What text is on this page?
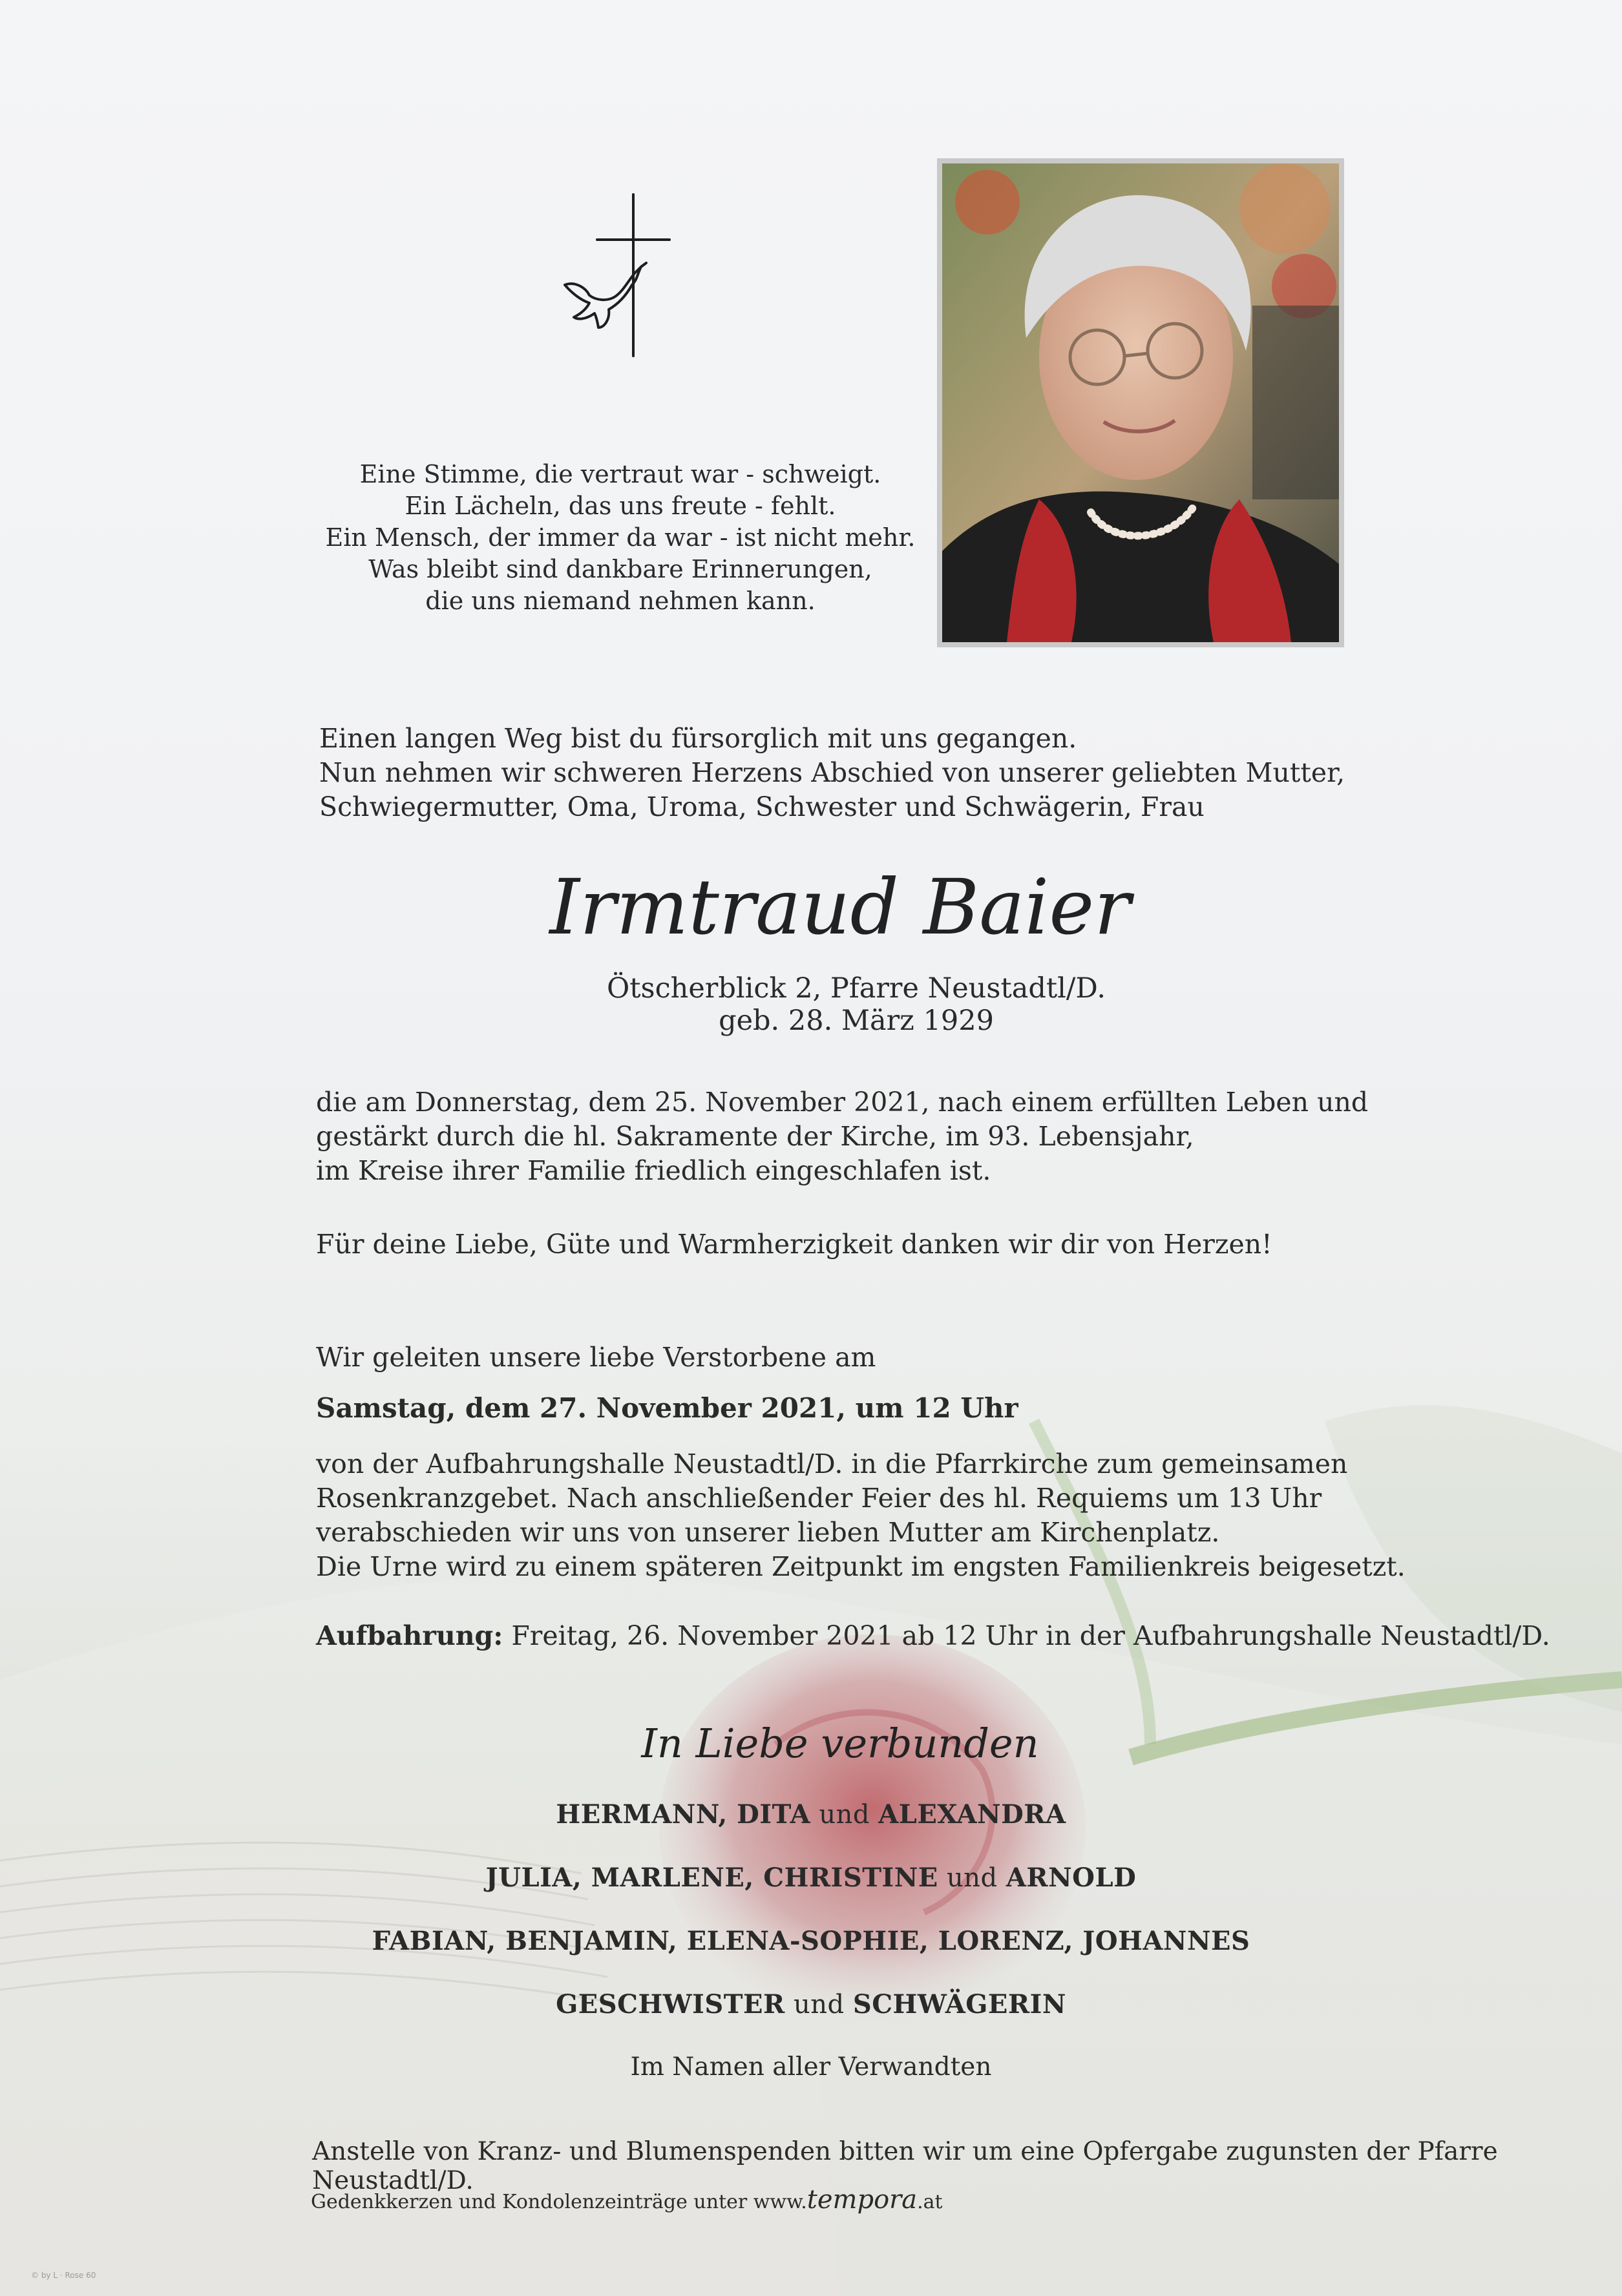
Eine Stimme, die vertraut war - schweigt.
Ein Lächeln, das uns freute - fehlt.
Ein Mensch, der immer da war - ist nicht mehr.
Was bleibt sind dankbare Erinnerungen,
die uns niemand nehmen kann.
Einen langen Weg bist du fürsorglich mit uns gegangen.
Nun nehmen wir schweren Herzens Abschied von unserer geliebten Mutter,
Schwiegermutter, Oma, Uroma, Schwester und Schwägerin, Frau
Irmtraud Baier
Ötscherblick 2, Pfarre Neustadtl/D.
geb. 28. März 1929
die am Donnerstag, dem 25. November 2021, nach einem erfüllten Leben und
gestärkt durch die hl. Sakramente der Kirche, im 93. Lebensjahr,
im Kreise ihrer Familie friedlich eingeschlafen ist.
Für deine Liebe, Güte und Warmherzigkeit danken wir dir von Herzen!
Wir geleiten unsere liebe Verstorbene am
Samstag, dem 27. November 2021, um 12 Uhr
von der Aufbahrungshalle Neustadtl/D. in die Pfarrkirche zum gemeinsamen
Rosenkranzgebet. Nach anschließender Feier des hl. Requiems um 13 Uhr
verabschieden wir uns von unserer lieben Mutter am Kirchenplatz.
Die Urne wird zu einem späteren Zeitpunkt im engsten Familienkreis beigesetzt.
Aufbahrung: Freitag, 26. November 2021 ab 12 Uhr in der Aufbahrungshalle Neustadtl/D.
In Liebe verbunden
HERMANN, DITA und ALEXANDRA
JULIA, MARLENE, CHRISTINE und ARNOLD
FABIAN, BENJAMIN, ELENA-SOPHIE, LORENZ, JOHANNES
GESCHWISTER und SCHWÄGERIN
Im Namen aller Verwandten
Anstelle von Kranz- und Blumenspenden bitten wir um eine Opfergabe zugunsten der Pfarre Neustadtl/D.
Gedenkkerzen und Kondolenzeinträge unter www.tempora.at
© by L · Rose 60
